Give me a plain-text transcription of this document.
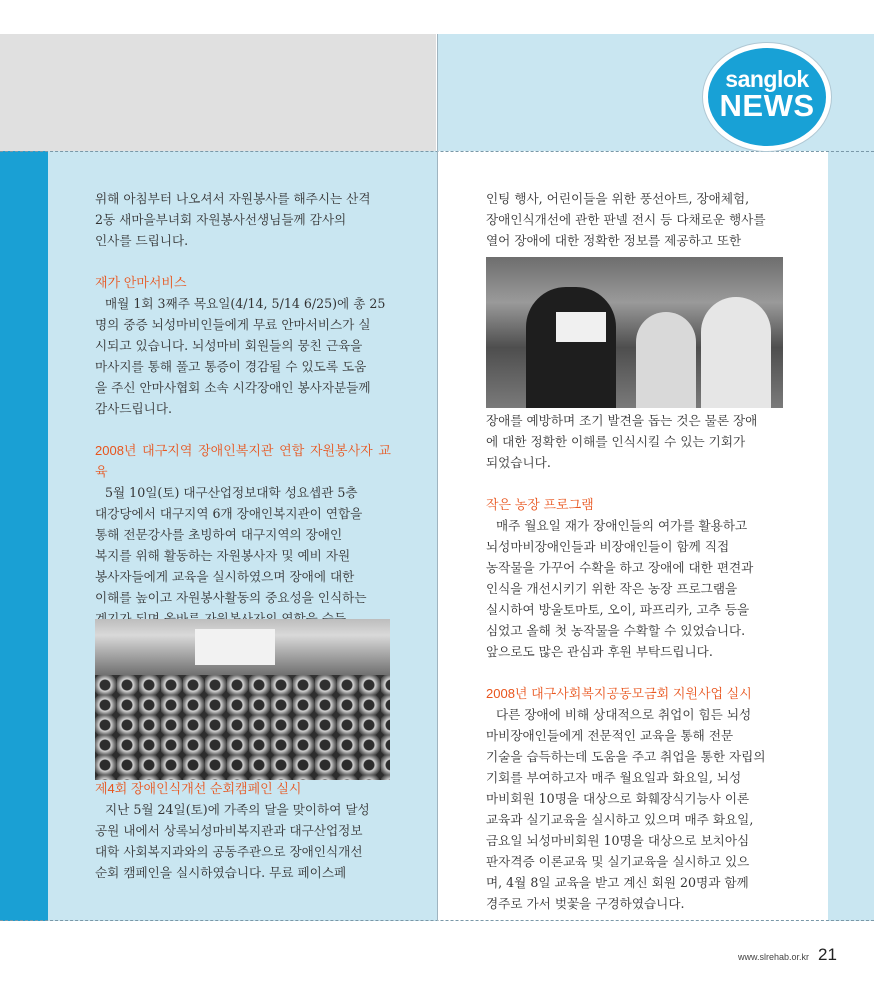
sanglok
NEWS

위해 아침부터 나오셔서 자원봉사를 해주시는 산격

2동 새마을부녀회 자원봉사선생님들께 감사의

인사를 드립니다.

재가 안마서비스

매월 1회 3째주 목요일(4/14, 5/14 6/25)에 총 25

명의 중증 뇌성마비인들에게 무료 안마서비스가 실

시되고 있습니다. 뇌성마비 회원들의 뭉친 근육을

마사지를 통해 풀고 통증이 경감될 수 있도록 도움

을 주신 안마사협회 소속 시각장애인 봉사자분들께

감사드립니다.

2008년 대구지역 장애인복지관 연합 자원봉사자 교육

5월 10일(토) 대구산업정보대학 성요셉관 5층

대강당에서 대구지역 6개 장애인복지관이 연합을

통해 전문강사를 초빙하여 대구지역의 장애인

복지를 위해 활동하는 자원봉사자 및 예비 자원

봉사자들에게 교육을 실시하였으며 장애에 대한

이해를 높이고 자원봉사활동의 중요성을 인식하는

제4회 장애인식개선 순회캠페인 실시

지난 5월 24일(토)에 가족의 달을 맞이하여 달성

공원 내에서 상록뇌성마비복지관과 대구산업정보

대학 사회복지과와의 공동주관으로 장애인식개선

순회 캠페인을 실시하였습니다. 무료 페이스페

인팅 행사, 어린이들을 위한 풍선아트, 장애체험,

장애인식개선에 관한 판넬 전시 등 다채로운 행사를

열어 장애에 대한 정확한 정보를 제공하고 또한

장애를 예방하며 조기 발견을 돕는 것은 물론 장애

에 대한 정확한 이해를 인식시킬 수 있는 기회가

되었습니다.

작은 농장 프로그램

매주 월요일 재가 장애인들의 여가를 활용하고

뇌성마비장애인들과 비장애인들이 함께 직접

농작물을 가꾸어 수확을 하고 장애에 대한 편견과

인식을 개선시키기 위한 작은 농장 프로그램을

실시하여 방울토마토, 오이, 파프리카, 고추 등을

심었고 올해 첫 농작물을 수확할 수 있었습니다.

앞으로도 많은 관심과 후원 부탁드립니다.

2008년 대구사회복지공동모금회 지원사업 실시

다른 장애에 비해 상대적으로 취업이 힘든 뇌성

마비장애인들에게 전문적인 교육을 통해 전문

기술을 습득하는데 도움을 주고 취업을 통한 자립의

기회를 부여하고자 매주 월요일과 화요일, 뇌성

마비회원 10명을 대상으로 화훼장식기능사 이론

교육과 실기교육을 실시하고 있으며 매주 화요일,

금요일 뇌성마비회원 10명을 대상으로 보치아심

판자격증 이론교육 및 실기교육을 실시하고 있으

며, 4월 8일 교육을 받고 계신 회원 20명과 함께

경주로 가서 벚꽃을 구경하였습니다.

www.slrehab.or.kr 21
